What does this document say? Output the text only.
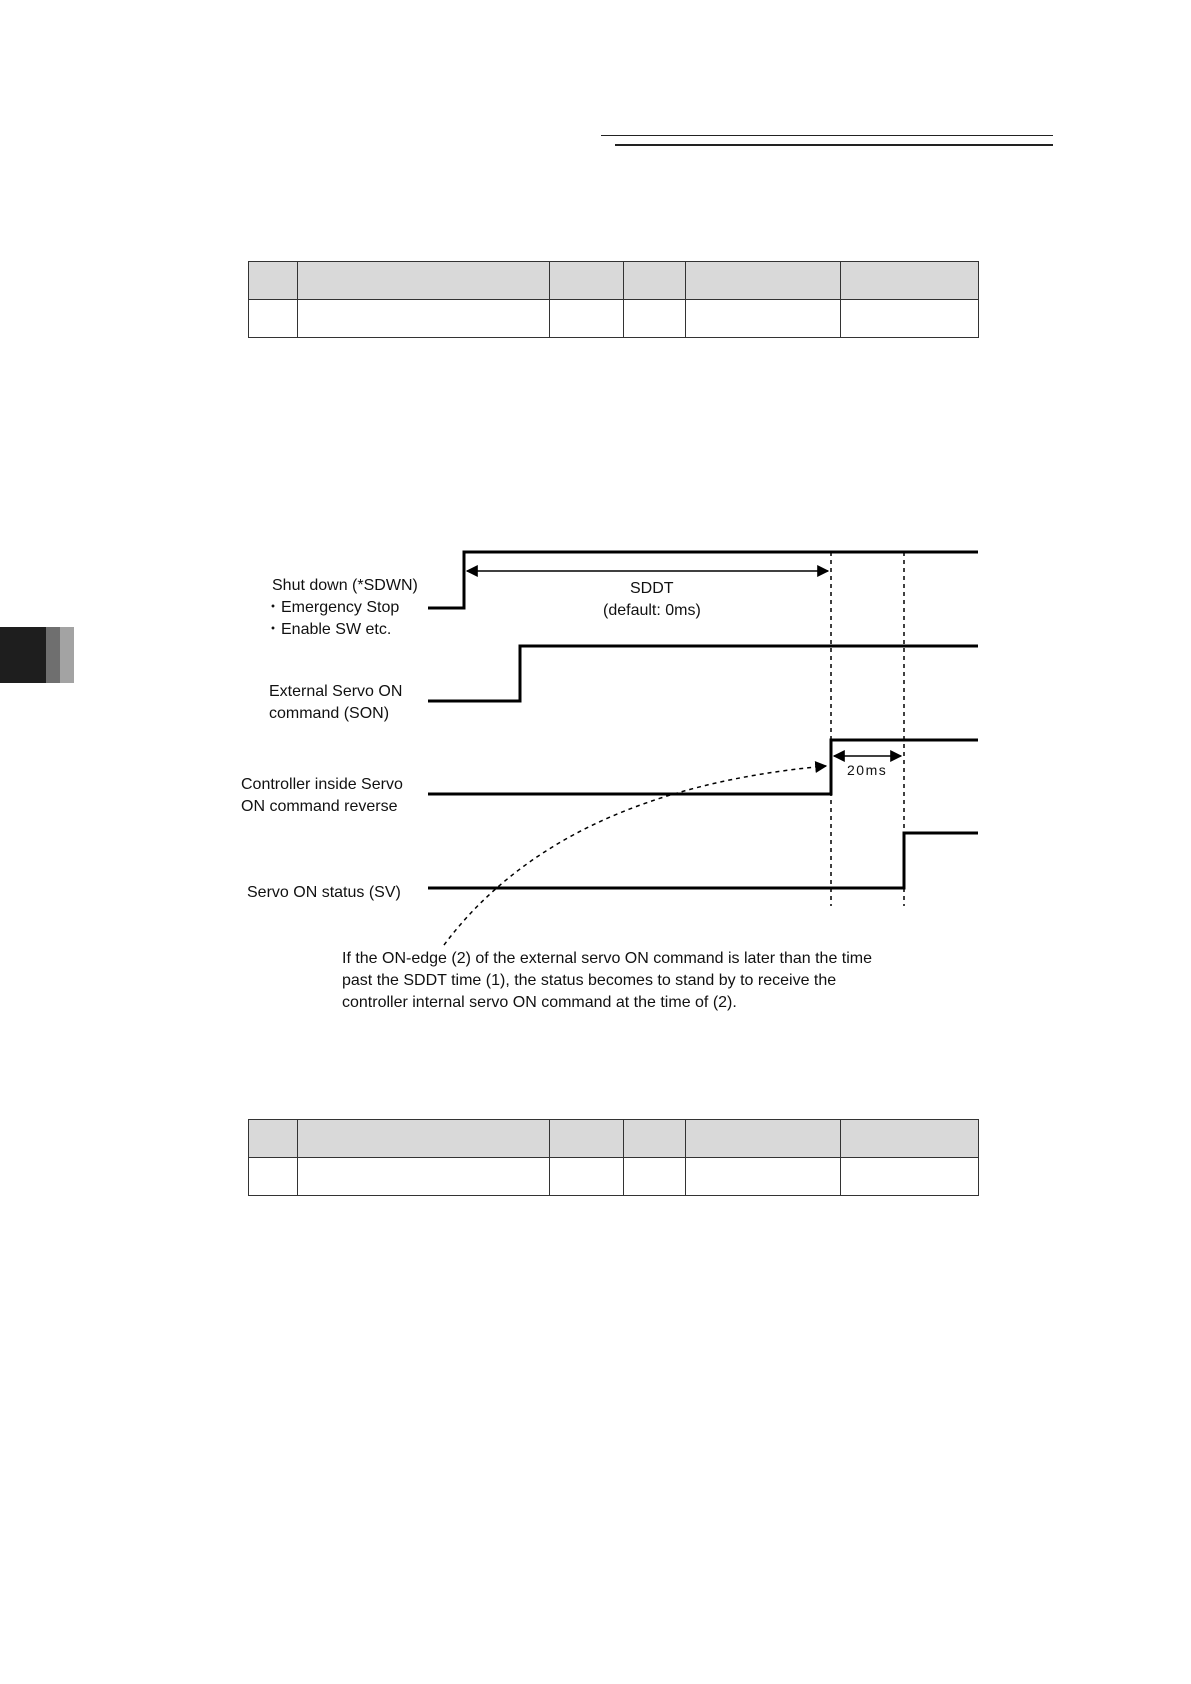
Shut down (*SDWN)
・Emergency Stop
・Enable SW etc.
External Servo ON
command (SON)
Controller inside Servo
ON command reverse
Servo ON status (SV)
SDDT
(default: 0ms)
20ms
If the ON-edge (2) of the external servo ON command is later than the time
past the SDDT time (1), the status becomes to stand by to receive the
controller internal servo ON command at the time of (2).
